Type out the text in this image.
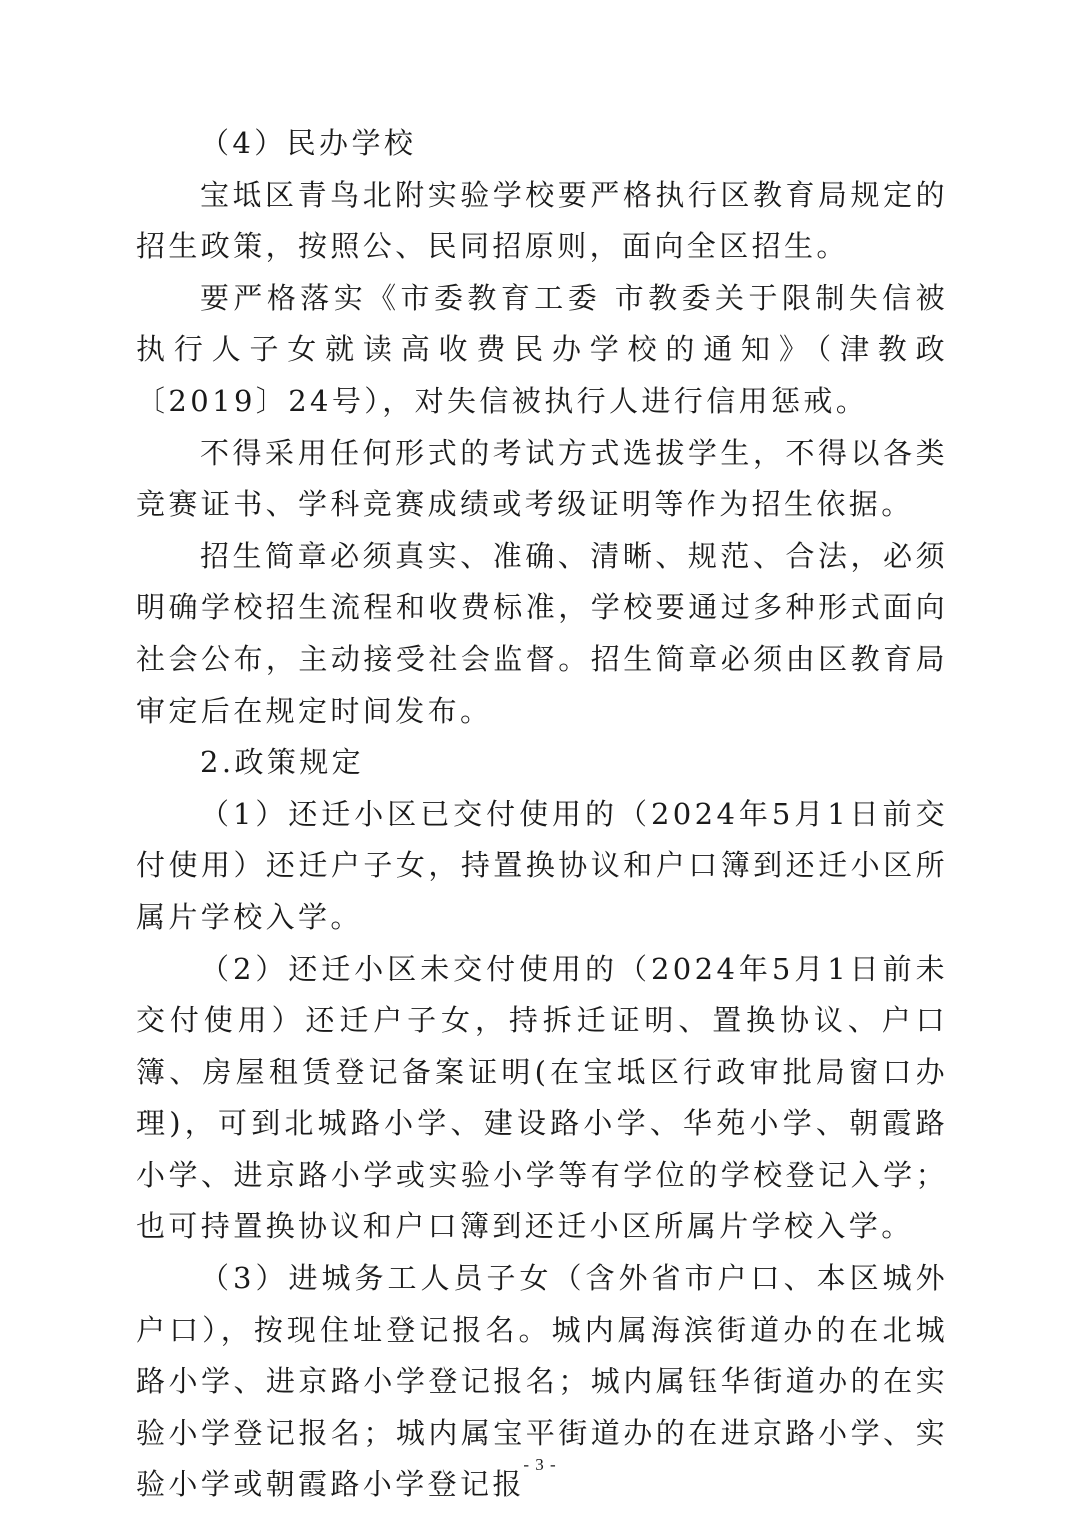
（4）民办学校

宝坻区青鸟北附实验学校要严格执行区教育局规定的招生政策，按照公、民同招原则，面向全区招生。

要严格落实《市委教育工委 市教委关于限制失信被执行人子女就读高收费民办学校的通知》（津教政〔2019〕24号），对失信被执行人进行信用惩戒。

不得采用任何形式的考试方式选拔学生，不得以各类竞赛证书、学科竞赛成绩或考级证明等作为招生依据。

招生简章必须真实、准确、清晰、规范、合法，必须明确学校招生流程和收费标准，学校要通过多种形式面向社会公布，主动接受社会监督。招生简章必须由区教育局审定后在规定时间发布。

2.政策规定

（1）还迁小区已交付使用的（2024年5月1日前交付使用）还迁户子女，持置换协议和户口簿到还迁小区所属片学校入学。

（2）还迁小区未交付使用的（2024年5月1日前未交付使用）还迁户子女，持拆迁证明、置换协议、户口簿、房屋租赁登记备案证明(在宝坻区行政审批局窗口办理)，可到北城路小学、建设路小学、华苑小学、朝霞路小学、进京路小学或实验小学等有学位的学校登记入学；也可持置换协议和户口簿到还迁小区所属片学校入学。

（3）进城务工人员子女（含外省市户口、本区城外户口），按现住址登记报名。城内属海滨街道办的在北城路小学、进京路小学登记报名；城内属钰华街道办的在实验小学登记报名；城内属宝平街道办的在进京路小学、实验小学或朝霞路小学登记报

- 3 -
